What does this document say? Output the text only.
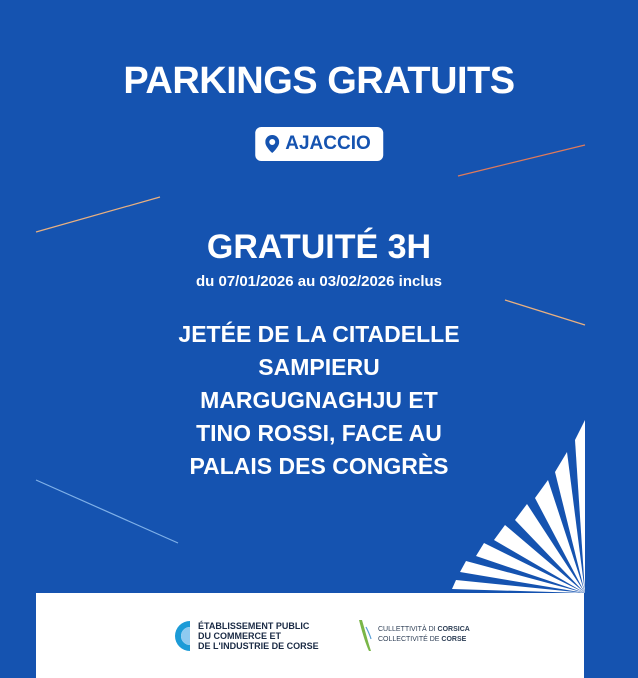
PARKINGS GRATUITS
AJACCIO
GRATUITÉ 3H
du 07/01/2026 au 03/02/2026 inclus
JETÉE DE LA CITADELLE
SAMPIERU
MARGUGNAGHJU ET
TINO ROSSI, FACE AU
PALAIS DES CONGRÈS
ÉTABLISSEMENT PUBLIC
DU COMMERCE ET
DE L'INDUSTRIE DE CORSE
CULLETTIVITÀ DI CORSICA
COLLECTIVITÉ DE CORSE
